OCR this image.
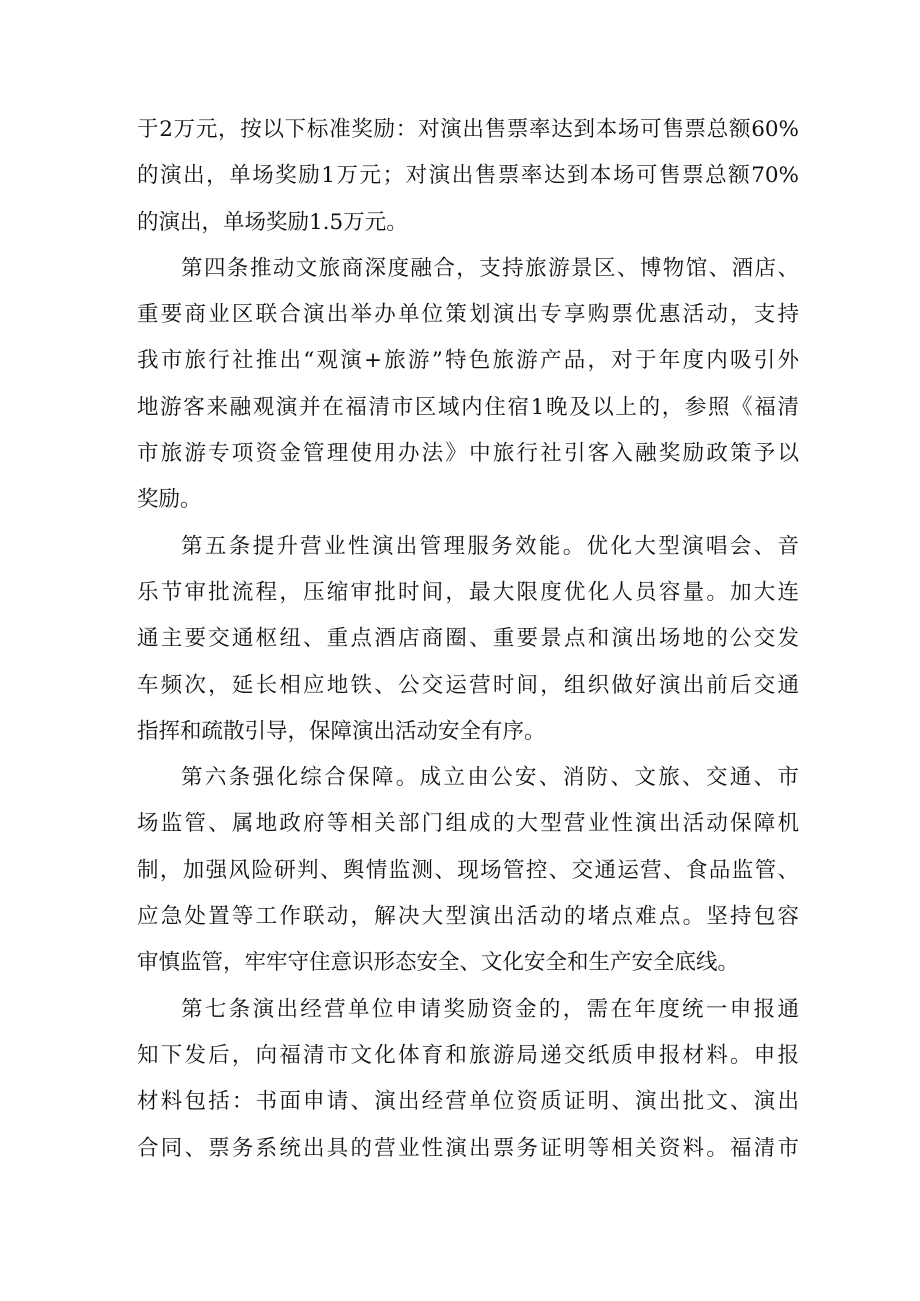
于2万元，按以下标准奖励：对演出售票率达到本场可售票总额60%
的演出，单场奖励1万元；对演出售票率达到本场可售票总额70%
的演出，单场奖励1.5万元。
第四条推动文旅商深度融合，支持旅游景区、博物馆、酒店、
重要商业区联合演出举办单位策划演出专享购票优惠活动，支持
我市旅行社推出“观演+旅游”特色旅游产品，对于年度内吸引外
地游客来融观演并在福清市区域内住宿1晚及以上的，参照《福清
市旅游专项资金管理使用办法》中旅行社引客入融奖励政策予以
奖励。
第五条提升营业性演出管理服务效能。优化大型演唱会、音
乐节审批流程，压缩审批时间，最大限度优化人员容量。加大连
通主要交通枢纽、重点酒店商圈、重要景点和演出场地的公交发
车频次，延长相应地铁、公交运营时间，组织做好演出前后交通
指挥和疏散引导，保障演出活动安全有序。
第六条强化综合保障。成立由公安、消防、文旅、交通、市
场监管、属地政府等相关部门组成的大型营业性演出活动保障机
制，加强风险研判、舆情监测、现场管控、交通运营、食品监管、
应急处置等工作联动，解决大型演出活动的堵点难点。坚持包容
审慎监管，牢牢守住意识形态安全、文化安全和生产安全底线。
第七条演出经营单位申请奖励资金的，需在年度统一申报通
知下发后，向福清市文化体育和旅游局递交纸质申报材料。申报
材料包括：书面申请、演出经营单位资质证明、演出批文、演出
合同、票务系统出具的营业性演出票务证明等相关资料。福清市
